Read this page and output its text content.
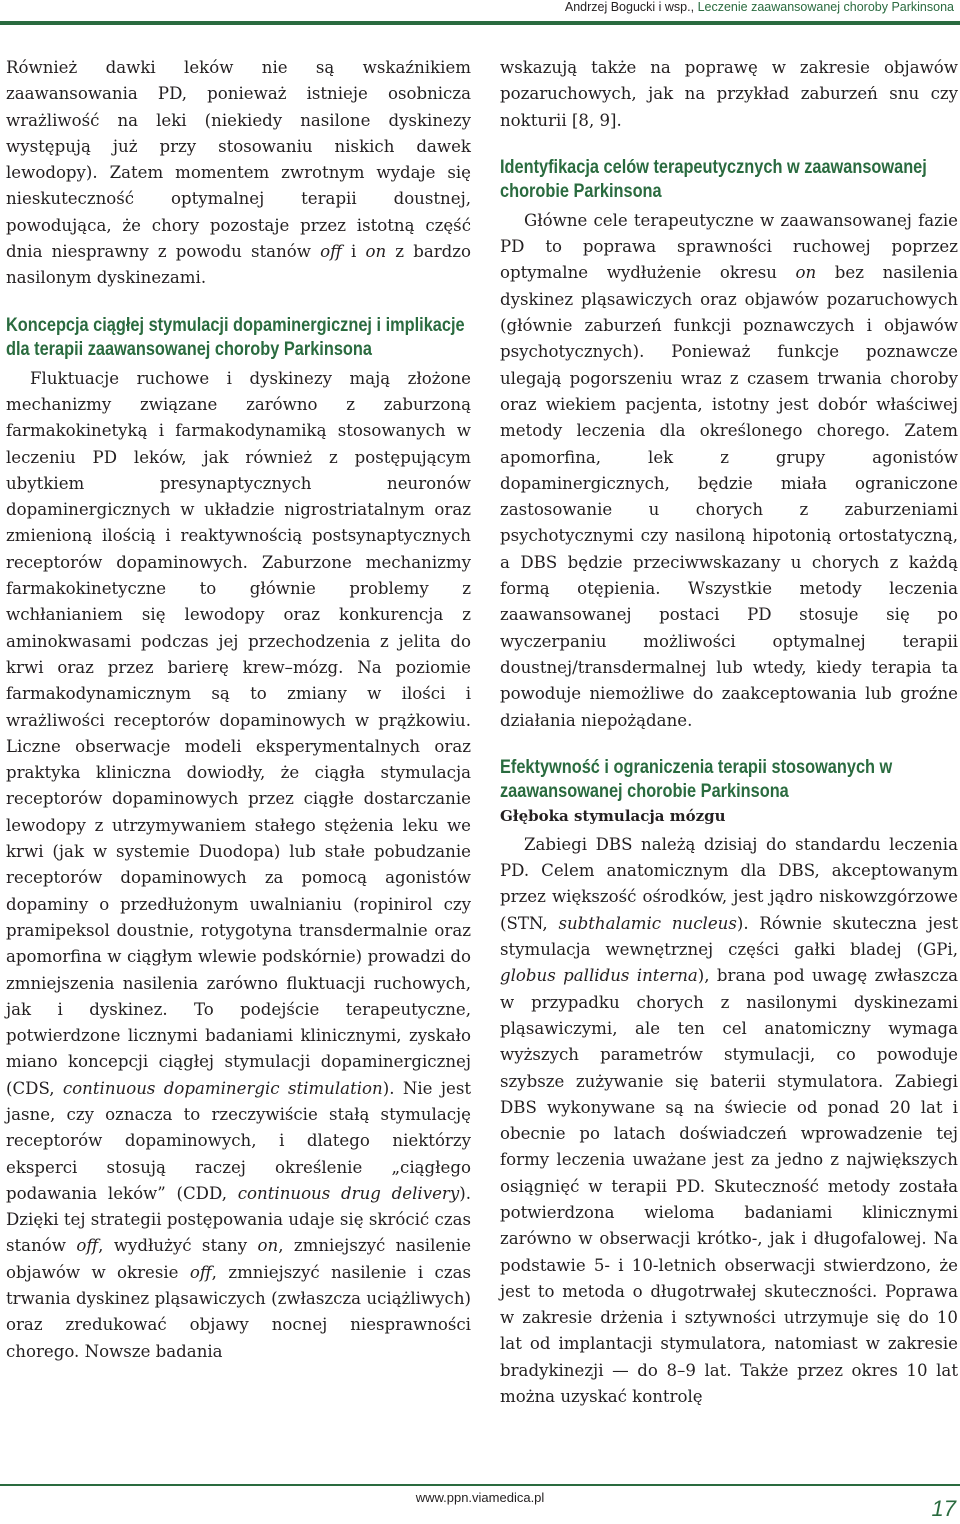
Andrzej Bogucki i wsp., Leczenie zaawansowanej choroby Parkinsona

Również dawki leków nie są wskaźnikiem zaawansowania PD, ponieważ istnieje osobnicza wrażliwość na leki (niekiedy nasilone dyskinezy występują już przy stosowaniu niskich dawek lewodopy). Zatem momentem zwrotnym wydaje się nieskuteczność optymalnej terapii doustnej, powodująca, że chory pozostaje przez istotną część dnia niesprawny z powodu stanów off i on z bardzo nasilonym dyskinezami.

Koncepcja ciągłej stymulacji dopaminergicznej i implikacje dla terapii zaawansowanej choroby Parkinsona

Fluktuacje ruchowe i dyskinezy mają złożone mechanizmy związane zarówno z zaburzoną farmakokinetyką i farmakodynamiką stosowanych w leczeniu PD leków, jak również z postępującym ubytkiem presynaptycznych neuronów dopaminergicznych w układzie nigrostriatalnym oraz zmienioną ilością i reaktywnością postsynaptycznych receptorów dopaminowych. Zaburzone mechanizmy farmakokinetyczne to głównie problemy z wchłanianiem się lewodopy oraz konkurencja z aminokwasami podczas jej przechodzenia z jelita do krwi oraz przez barierę krew–mózg. Na poziomie farmakodynamicznym są to zmiany w ilości i wrażliwości receptorów dopaminowych w prążkowiu. Liczne obserwacje modeli eksperymentalnych oraz praktyka kliniczna dowiodły, że ciągła stymulacja receptorów dopaminowych przez ciągłe dostarczanie lewodopy z utrzymywaniem stałego stężenia leku we krwi (jak w systemie Duodopa) lub stałe pobudzanie receptorów dopaminowych za pomocą agonistów dopaminy o przedłużonym uwalnianiu (ropinirol czy pramipeksol doustnie, rotygotyna transdermalnie oraz apomorfina w ciągłym wlewie podskórnie) prowadzi do zmniejszenia nasilenia zarówno fluktuacji ruchowych, jak i dyskinez. To podejście terapeutyczne, potwierdzone licznymi badaniami klinicznymi, zyskało miano koncepcji ciągłej stymulacji dopaminergicznej (CDS, continuous dopaminergic stimulation). Nie jest jasne, czy oznacza to rzeczywiście stałą stymulację receptorów dopaminowych, i dlatego niektórzy eksperci stosują raczej określenie „ciągłego podawania leków” (CDD, continuous drug delivery). Dzięki tej strategii postępowania udaje się skrócić czas stanów off, wydłużyć stany on, zmniejszyć nasilenie objawów w okresie off, zmniejszyć nasilenie i czas trwania dyskinez pląsawiczych (zwłaszcza uciążliwych) oraz zredukować objawy nocnej niesprawności chorego. Nowsze badania

wskazują także na poprawę w zakresie objawów pozaruchowych, jak na przykład zaburzeń snu czy nokturii [8, 9].

Identyfikacja celów terapeutycznych w zaawansowanej chorobie Parkinsona

Główne cele terapeutyczne w zaawansowanej fazie PD to poprawa sprawności ruchowej poprzez optymalne wydłużenie okresu on bez nasilenia dyskinez pląsawiczych oraz objawów pozaruchowych (głównie zaburzeń funkcji poznawczych i objawów psychotycznych). Ponieważ funkcje poznawcze ulegają pogorszeniu wraz z czasem trwania choroby oraz wiekiem pacjenta, istotny jest dobór właściwej metody leczenia dla określonego chorego. Zatem apomorfina, lek z grupy agonistów dopaminergicznych, będzie miała ograniczone zastosowanie u chorych z zaburzeniami psychotycznymi czy nasiloną hipotonią ortostatyczną, a DBS będzie przeciwwskazany u chorych z każdą formą otępienia. Wszystkie metody leczenia zaawansowanej postaci PD stosuje się po wyczerpaniu możliwości optymalnej terapii doustnej/transdermalnej lub wtedy, kiedy terapia ta powoduje niemożliwe do zaakceptowania lub groźne działania niepożądane.

Efektywność i ograniczenia terapii stosowanych w zaawansowanej chorobie Parkinsona
Głęboka stymulacja mózgu

Zabiegi DBS należą dzisiaj do standardu leczenia PD. Celem anatomicznym dla DBS, akceptowanym przez większość ośrodków, jest jądro niskowzgórzowe (STN, subthalamic nucleus). Równie skuteczna jest stymulacja wewnętrznej części gałki bladej (GPi, globus pallidus interna), brana pod uwagę zwłaszcza w przypadku chorych z nasilonymi dyskinezami pląsawiczymi, ale ten cel anatomiczny wymaga wyższych parametrów stymulacji, co powoduje szybsze zużywanie się baterii stymulatora. Zabiegi DBS wykonywane są na świecie od ponad 20 lat i obecnie po latach doświadczeń wprowadzenie tej formy leczenia uważane jest za jedno z największych osiągnięć w terapii PD. Skuteczność metody została potwierdzona wieloma badaniami klinicznymi zarówno w obserwacji krótko-, jak i długofalowej. Na podstawie 5- i 10-letnich obserwacji stwierdzono, że jest to metoda o długotrwałej skuteczności. Poprawa w zakresie drżenia i sztywności utrzymuje się do 10 lat od implantacji stymulatora, natomiast w zakresie bradykinezji — do 8–9 lat. Także przez okres 10 lat można uzyskać kontrolę

www.ppn.viamedica.pl	17
